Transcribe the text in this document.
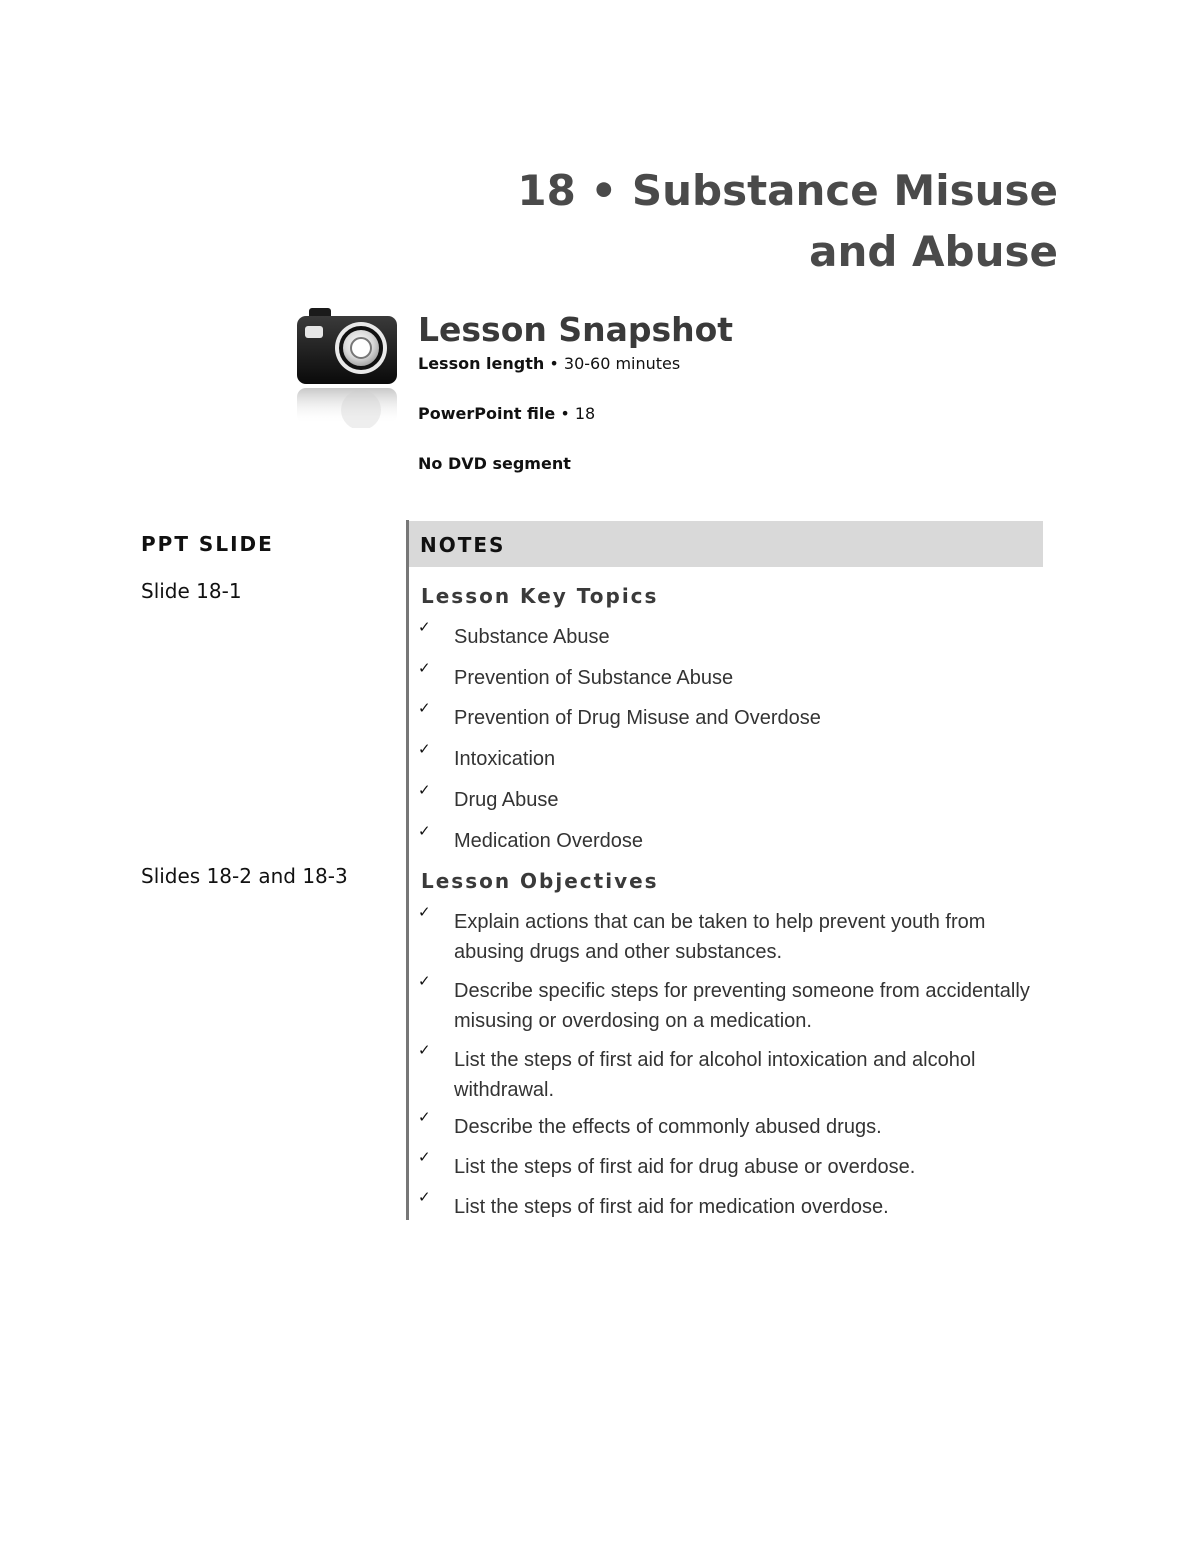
18 • Substance Misuse
and Abuse
Lesson Snapshot

Lesson length • 30-60 minutes

PowerPoint file • 18

No DVD segment

PPT SLIDE

Slide 18-1

Slides 18-2 and 18-3

NOTES
Lesson Key Topics
✓ Substance Abuse
✓ Prevention of Substance Abuse
✓ Prevention of Drug Misuse and Overdose
✓ Intoxication
✓ Drug Abuse
✓ Medication Overdose
Lesson Objectives
✓ Explain actions that can be taken to help prevent youth from abusing drugs and other substances.
✓ Describe specific steps for preventing someone from accidentally misusing or overdosing on a medication.
✓ List the steps of first aid for alcohol intoxication and alcohol withdrawal.
✓ Describe the effects of commonly abused drugs.
✓ List the steps of first aid for drug abuse or overdose.
✓ List the steps of first aid for medication overdose.
